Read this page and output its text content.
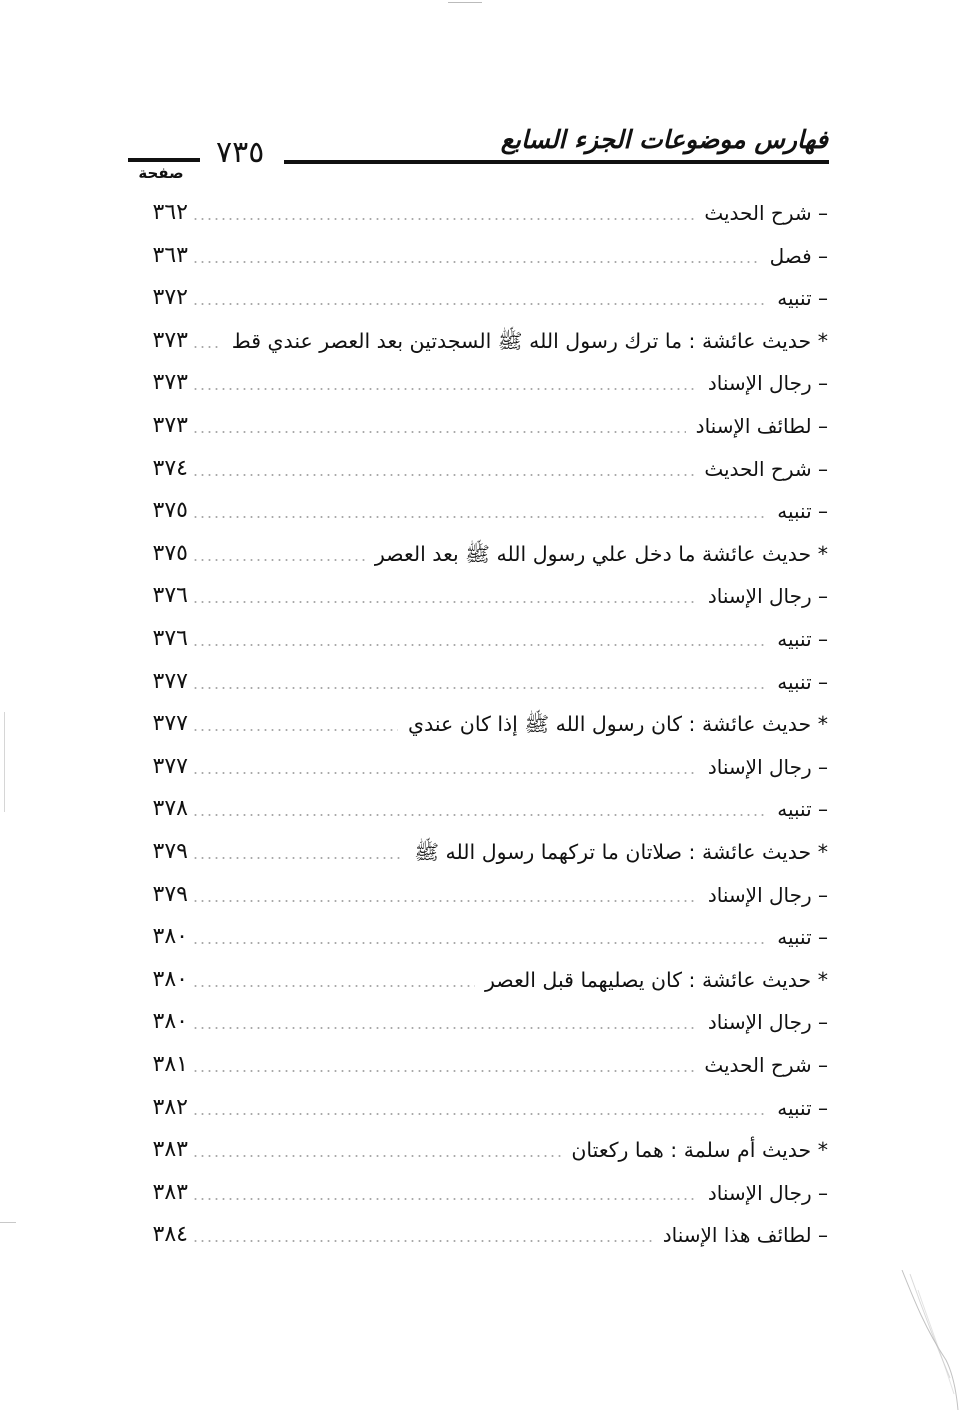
٧٣٥	فهارس موضوعات الجزء السابع
صفحة
– شرح الحديث
٣٦٢
– فصل
٣٦٣
– تنبيه
٣٧٢
* حديث عائشة : ما ترك رسول الله ﷺ السجدتين بعد العصر عندي قط
٣٧٣
– رجال الإسناد
٣٧٣
– لطائف الإسناد
٣٧٣
– شرح الحديث
٣٧٤
– تنبيه
٣٧٥
* حديث عائشة ما دخل علي رسول الله ﷺ بعد العصر
٣٧٥
– رجال الإسناد
٣٧٦
– تنبيه
٣٧٦
– تنبيه
٣٧٧
* حديث عائشة : كان رسول الله ﷺ إذا كان عندي
٣٧٧
– رجال الإسناد
٣٧٧
– تنبيه
٣٧٨
* حديث عائشة : صلاتان ما تركهما رسول الله ﷺ
٣٧٩
– رجال الإسناد
٣٧٩
– تنبيه
٣٨٠
* حديث عائشة : كان يصليهما قبل العصر
٣٨٠
– رجال الإسناد
٣٨٠
– شرح الحديث
٣٨١
– تنبيه
٣٨٢
* حديث أم سلمة : هما ركعتان
٣٨٣
– رجال الإسناد
٣٨٣
– لطائف هذا الإسناد
٣٨٤
